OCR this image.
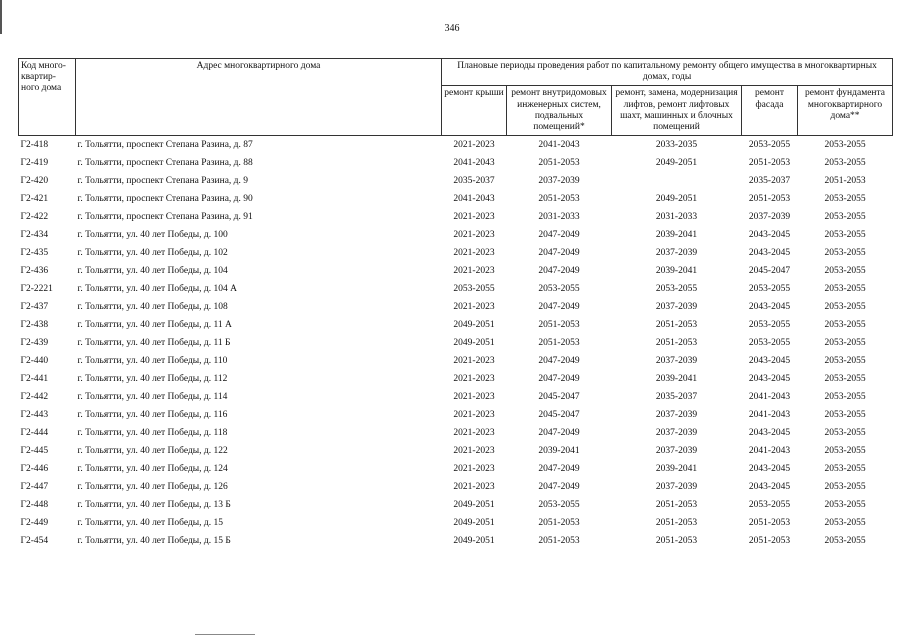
346
Код много-квартир-ного дома	Адрес многоквартирного дома	Плановые периоды проведения работ по капитальному ремонту общего имущества в многоквартирных домах, годы				
		ремонт крыши	ремонт внутридомовых инженерных систем, подвальных помещений*	ремонт, замена, модернизация лифтов, ремонт лифтовых шахт, машинных и блочных помещений	ремонт фасада	ремонт фундамента многоквартирного дома**
Г2-418	г. Тольятти, проспект Степана Разина, д. 87	2021-2023	2041-2043	2033-2035	2053-2055	2053-2055
Г2-419	г. Тольятти, проспект Степана Разина, д. 88	2041-2043	2051-2053	2049-2051	2051-2053	2053-2055
Г2-420	г. Тольятти, проспект Степана Разина, д. 9	2035-2037	2037-2039		2035-2037	2051-2053
Г2-421	г. Тольятти, проспект Степана Разина, д. 90	2041-2043	2051-2053	2049-2051	2051-2053	2053-2055
Г2-422	г. Тольятти, проспект Степана Разина, д. 91	2021-2023	2031-2033	2031-2033	2037-2039	2053-2055
Г2-434	г. Тольятти, ул. 40 лет Победы, д. 100	2021-2023	2047-2049	2039-2041	2043-2045	2053-2055
Г2-435	г. Тольятти, ул. 40 лет Победы, д. 102	2021-2023	2047-2049	2037-2039	2043-2045	2053-2055
Г2-436	г. Тольятти, ул. 40 лет Победы, д. 104	2021-2023	2047-2049	2039-2041	2045-2047	2053-2055
Г2-2221	г. Тольятти, ул. 40 лет Победы, д. 104 А	2053-2055	2053-2055	2053-2055	2053-2055	2053-2055
Г2-437	г. Тольятти, ул. 40 лет Победы, д. 108	2021-2023	2047-2049	2037-2039	2043-2045	2053-2055
Г2-438	г. Тольятти, ул. 40 лет Победы, д. 11 А	2049-2051	2051-2053	2051-2053	2053-2055	2053-2055
Г2-439	г. Тольятти, ул. 40 лет Победы, д. 11 Б	2049-2051	2051-2053	2051-2053	2053-2055	2053-2055
Г2-440	г. Тольятти, ул. 40 лет Победы, д. 110	2021-2023	2047-2049	2037-2039	2043-2045	2053-2055
Г2-441	г. Тольятти, ул. 40 лет Победы, д. 112	2021-2023	2047-2049	2039-2041	2043-2045	2053-2055
Г2-442	г. Тольятти, ул. 40 лет Победы, д. 114	2021-2023	2045-2047	2035-2037	2041-2043	2053-2055
Г2-443	г. Тольятти, ул. 40 лет Победы, д. 116	2021-2023	2045-2047	2037-2039	2041-2043	2053-2055
Г2-444	г. Тольятти, ул. 40 лет Победы, д. 118	2021-2023	2047-2049	2037-2039	2043-2045	2053-2055
Г2-445	г. Тольятти, ул. 40 лет Победы, д. 122	2021-2023	2039-2041	2037-2039	2041-2043	2053-2055
Г2-446	г. Тольятти, ул. 40 лет Победы, д. 124	2021-2023	2047-2049	2039-2041	2043-2045	2053-2055
Г2-447	г. Тольятти, ул. 40 лет Победы, д. 126	2021-2023	2047-2049	2037-2039	2043-2045	2053-2055
Г2-448	г. Тольятти, ул. 40 лет Победы, д. 13 Б	2049-2051	2053-2055	2051-2053	2053-2055	2053-2055
Г2-449	г. Тольятти, ул. 40 лет Победы, д. 15	2049-2051	2051-2053	2051-2053	2051-2053	2053-2055
Г2-454	г. Тольятти, ул. 40 лет Победы, д. 15 Б	2049-2051	2051-2053	2051-2053	2051-2053	2053-2055
